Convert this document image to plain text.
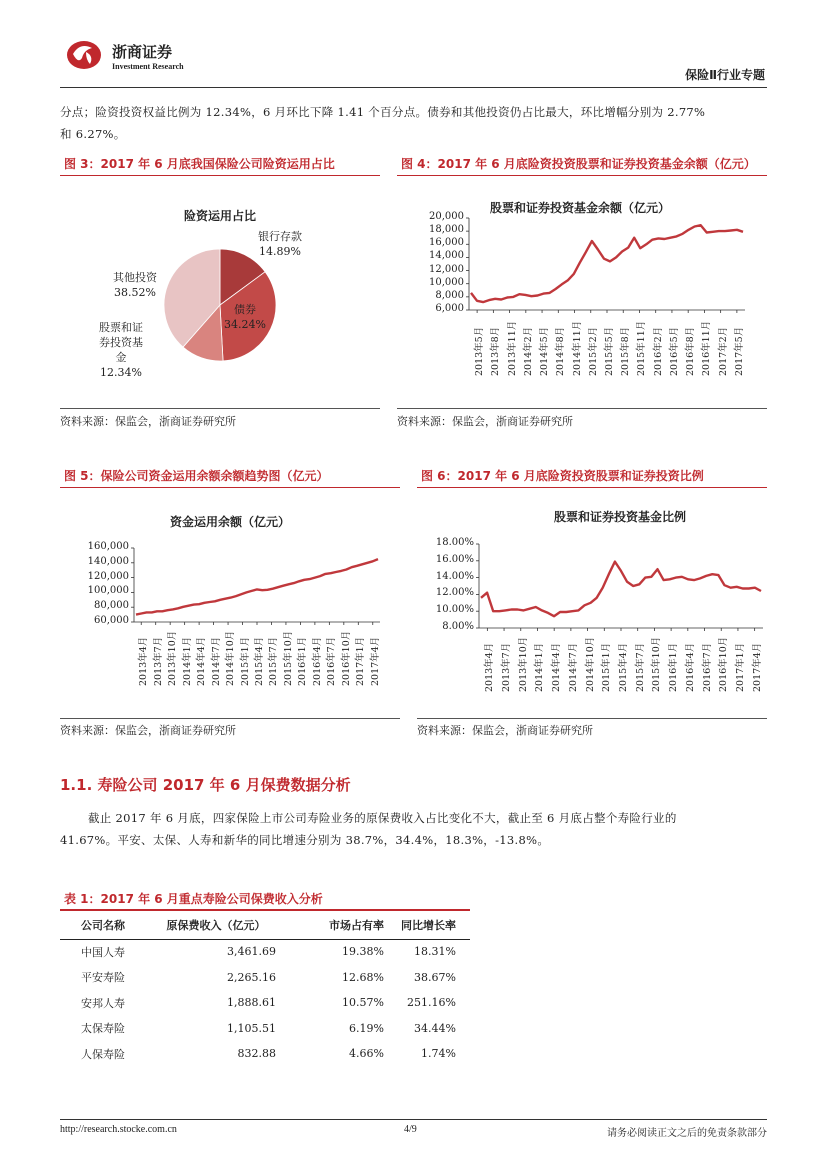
浙商证券
Investment Research
保险Ⅱ行业专题
分点；险资投资权益比例为 12.34%，6 月环比下降 1.41 个百分点。债券和其他投资仍占比最大，环比增幅分别为 2.77%
和 6.27%。
图 3：2017 年 6 月底我国保险公司险资运用占比
险资运用占比
银行存款
14.89%
债券
34.24%
其他投资
38.52%
股票和证
券投资基
金
12.34%
资料来源：保监会，浙商证券研究所
图 4：2017 年 6 月底险资投资股票和证券投资基金余额（亿元）
股票和证券投资基金余额（亿元）
6,000
8,000
10,000
12,000
14,000
16,000
18,000
20,000
2013年5月 2013年8月 2013年11月 2014年2月 2014年5月 2014年8月 2014年11月 2015年2月 2015年5月 2015年8月 2015年11月 2016年2月 2016年5月 2016年8月 2016年11月 2017年2月 2017年5月
资料来源：保监会，浙商证券研究所
图 5：保险公司资金运用余额余额趋势图（亿元）
资金运用余额（亿元）
60,000
80,000
100,000
120,000
140,000
160,000
2013年4月 2013年7月 2013年10月 2014年1月 2014年4月 2014年7月 2014年10月 2015年1月 2015年4月 2015年7月 2015年10月 2016年1月 2016年4月 2016年7月 2016年10月 2017年1月 2017年4月
资料来源：保监会，浙商证券研究所
图 6：2017 年 6 月底险资投资股票和证券投资比例
股票和证券投资基金比例
8.00%
10.00%
12.00%
14.00%
16.00%
18.00%
2013年4月 2013年7月 2013年10月 2014年1月 2014年4月 2014年7月 2014年10月 2015年1月 2015年4月 2015年7月 2015年10月 2016年1月 2016年4月 2016年7月 2016年10月 2017年1月 2017年4月
资料来源：保监会，浙商证券研究所
1.1. 寿险公司 2017 年 6 月保费数据分析
截止 2017 年 6 月底，四家保险上市公司寿险业务的原保费收入占比变化不大，截止至 6 月底占整个寿险行业的
41.67%。平安、太保、人寿和新华的同比增速分别为 38.7%，34.4%，18.3%，-13.8%。
表 1：2017 年 6 月重点寿险公司保费收入分析
公司名称	原保费收入（亿元）	市场占有率	同比增长率
中国人寿	3,461.69	19.38%	18.31%
平安寿险	2,265.16	12.68%	38.67%
安邦人寿	1,888.61	10.57%	251.16%
太保寿险	1,105.51	6.19%	34.44%
人保寿险	832.88	4.66%	1.74%
http://research.stocke.com.cn	4/9	请务必阅读正文之后的免责条款部分
